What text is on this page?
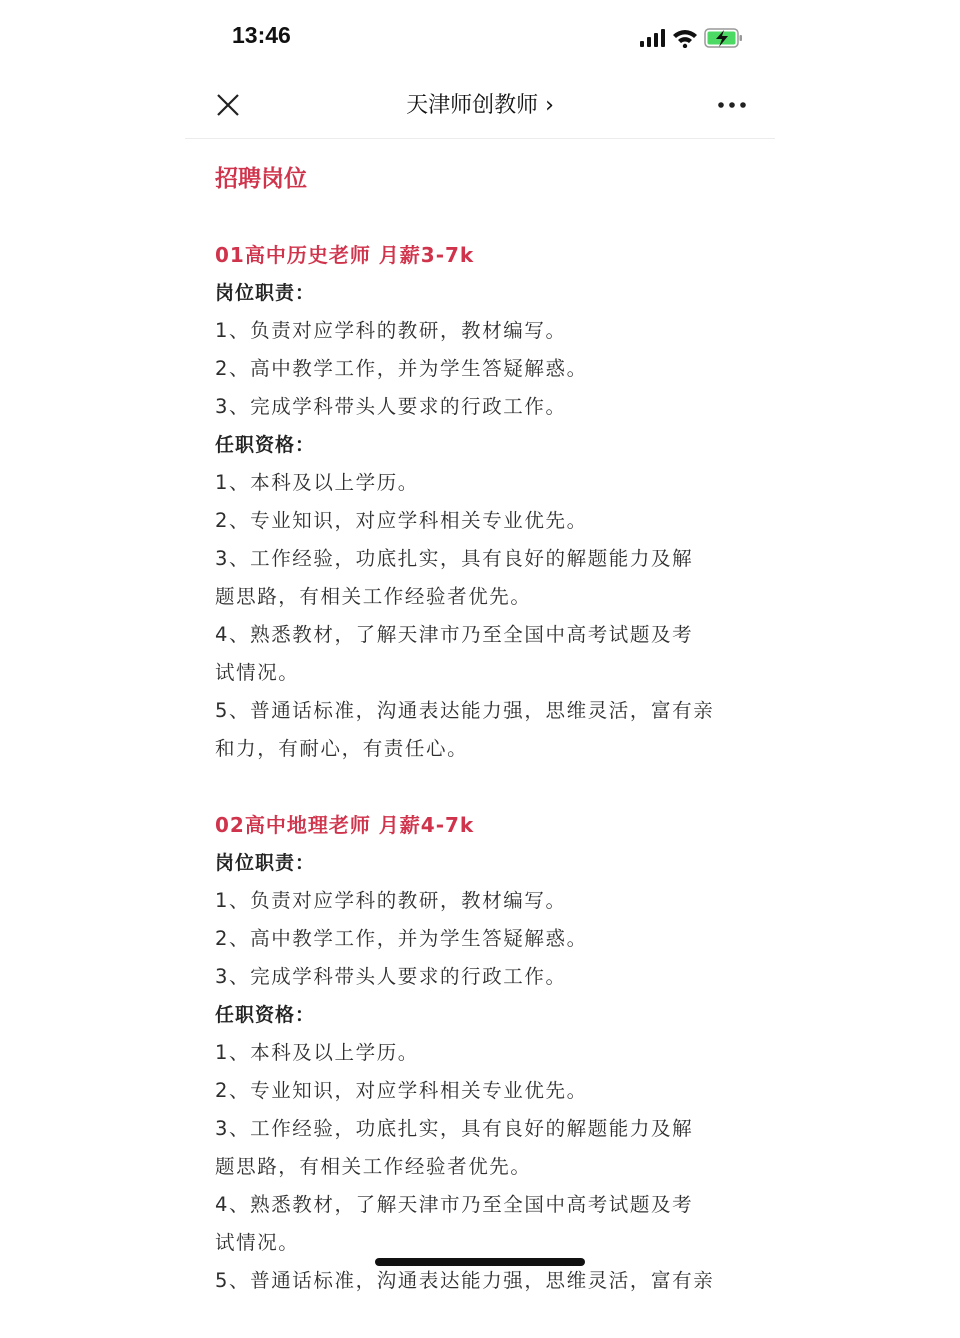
13:46
天津师创教师 ›
招聘岗位
01高中历史老师 月薪3-7k
岗位职责：
1、负责对应学科的教研，教材编写。
2、高中教学工作，并为学生答疑解惑。
3、完成学科带头人要求的行政工作。
任职资格：
1、本科及以上学历。
2、专业知识，对应学科相关专业优先。
3、工作经验，功底扎实，具有良好的解题能力及解
题思路，有相关工作经验者优先。
4、熟悉教材，了解天津市乃至全国中高考试题及考
试情况。
5、普通话标准，沟通表达能力强，思维灵活，富有亲
和力，有耐心，有责任心。
02高中地理老师 月薪4-7k
岗位职责：
1、负责对应学科的教研，教材编写。
2、高中教学工作，并为学生答疑解惑。
3、完成学科带头人要求的行政工作。
任职资格：
1、本科及以上学历。
2、专业知识，对应学科相关专业优先。
3、工作经验，功底扎实，具有良好的解题能力及解
题思路，有相关工作经验者优先。
4、熟悉教材，了解天津市乃至全国中高考试题及考
试情况。
5、普通话标准，沟通表达能力强，思维灵活，富有亲
